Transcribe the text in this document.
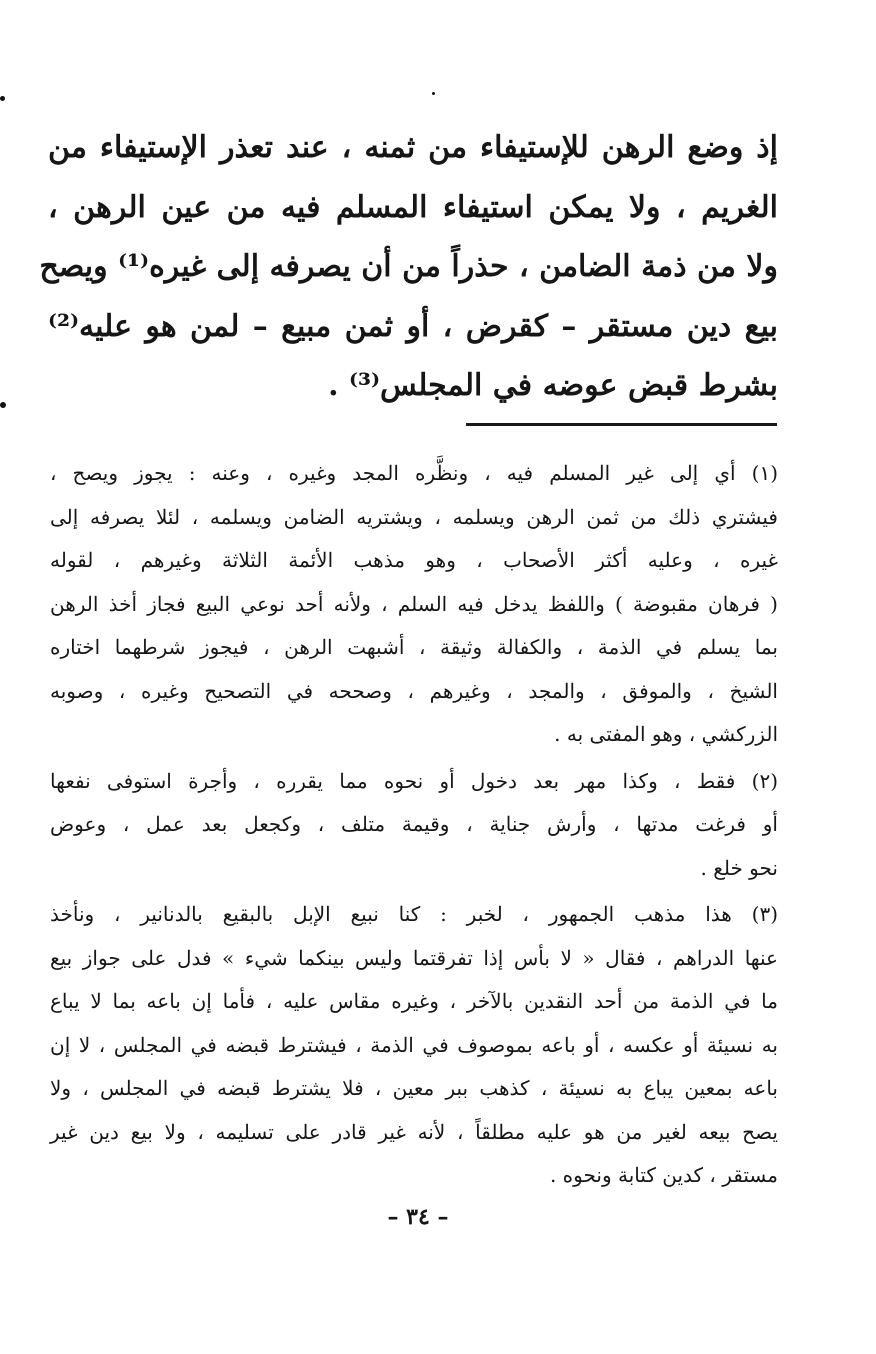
إذ وضع الرهن للإستيفاء من ثمنه ، عند تعذر الإستيفاء من
الغريم ، ولا يمكن استيفاء المسلم فيه من عين الرهن ،
ولا من ذمة الضامن ، حذراً من أن يصرفه إلى غيره⁽¹⁾ ويصح
بيع دين مستقر – كقرض ، أو ثمن مبيع – لمن هو عليه⁽²⁾
بشرط قبض عوضه في المجلس⁽³⁾ .
(١) أي إلى غير المسلم فيه ، ونظَّره المجد وغيره ، وعنه : يجوز ويصح ،
فيشتري ذلك من ثمن الرهن ويسلمه ، ويشتريه الضامن ويسلمه ، لئلا يصرفه إلى
غيره ، وعليه أكثر الأصحاب ، وهو مذهب الأئمة الثلاثة وغيرهم ، لقوله
( فرهان مقبوضة ) واللفظ يدخل فيه السلم ، ولأنه أحد نوعي البيع فجاز أخذ الرهن
بما يسلم في الذمة ، والكفالة وثيقة ، أشبهت الرهن ، فيجوز شرطهما اختاره
الشيخ ، والموفق ، والمجد ، وغيرهم ، وصححه في التصحيح وغيره ، وصوبه
الزركشي ، وهو المفتى به .
(٢) فقط ، وكذا مهر بعد دخول أو نحوه مما يقرره ، وأجرة استوفى نفعها
أو فرغت مدتها ، وأرش جناية ، وقيمة متلف ، وكجعل بعد عمل ، وعوض
نحو خلع .
(٣) هذا مذهب الجمهور ، لخبر : كنا نبيع الإبل بالبقيع بالدنانير ، ونأخذ
عنها الدراهم ، فقال « لا بأس إذا تفرقتما وليس بينكما شيء » فدل على جواز بيع
ما في الذمة من أحد النقدين بالآخر ، وغيره مقاس عليه ، فأما إن باعه بما لا يباع
به نسيئة أو عكسه ، أو باعه بموصوف في الذمة ، فيشترط قبضه في المجلس ، لا إن
باعه بمعين يباع به نسيئة ، كذهب ببر معين ، فلا يشترط قبضه في المجلس ، ولا
يصح بيعه لغير من هو عليه مطلقاً ، لأنه غير قادر على تسليمه ، ولا بيع دين غير
مستقر ، كدين كتابة ونحوه .
– ٣٤ –
